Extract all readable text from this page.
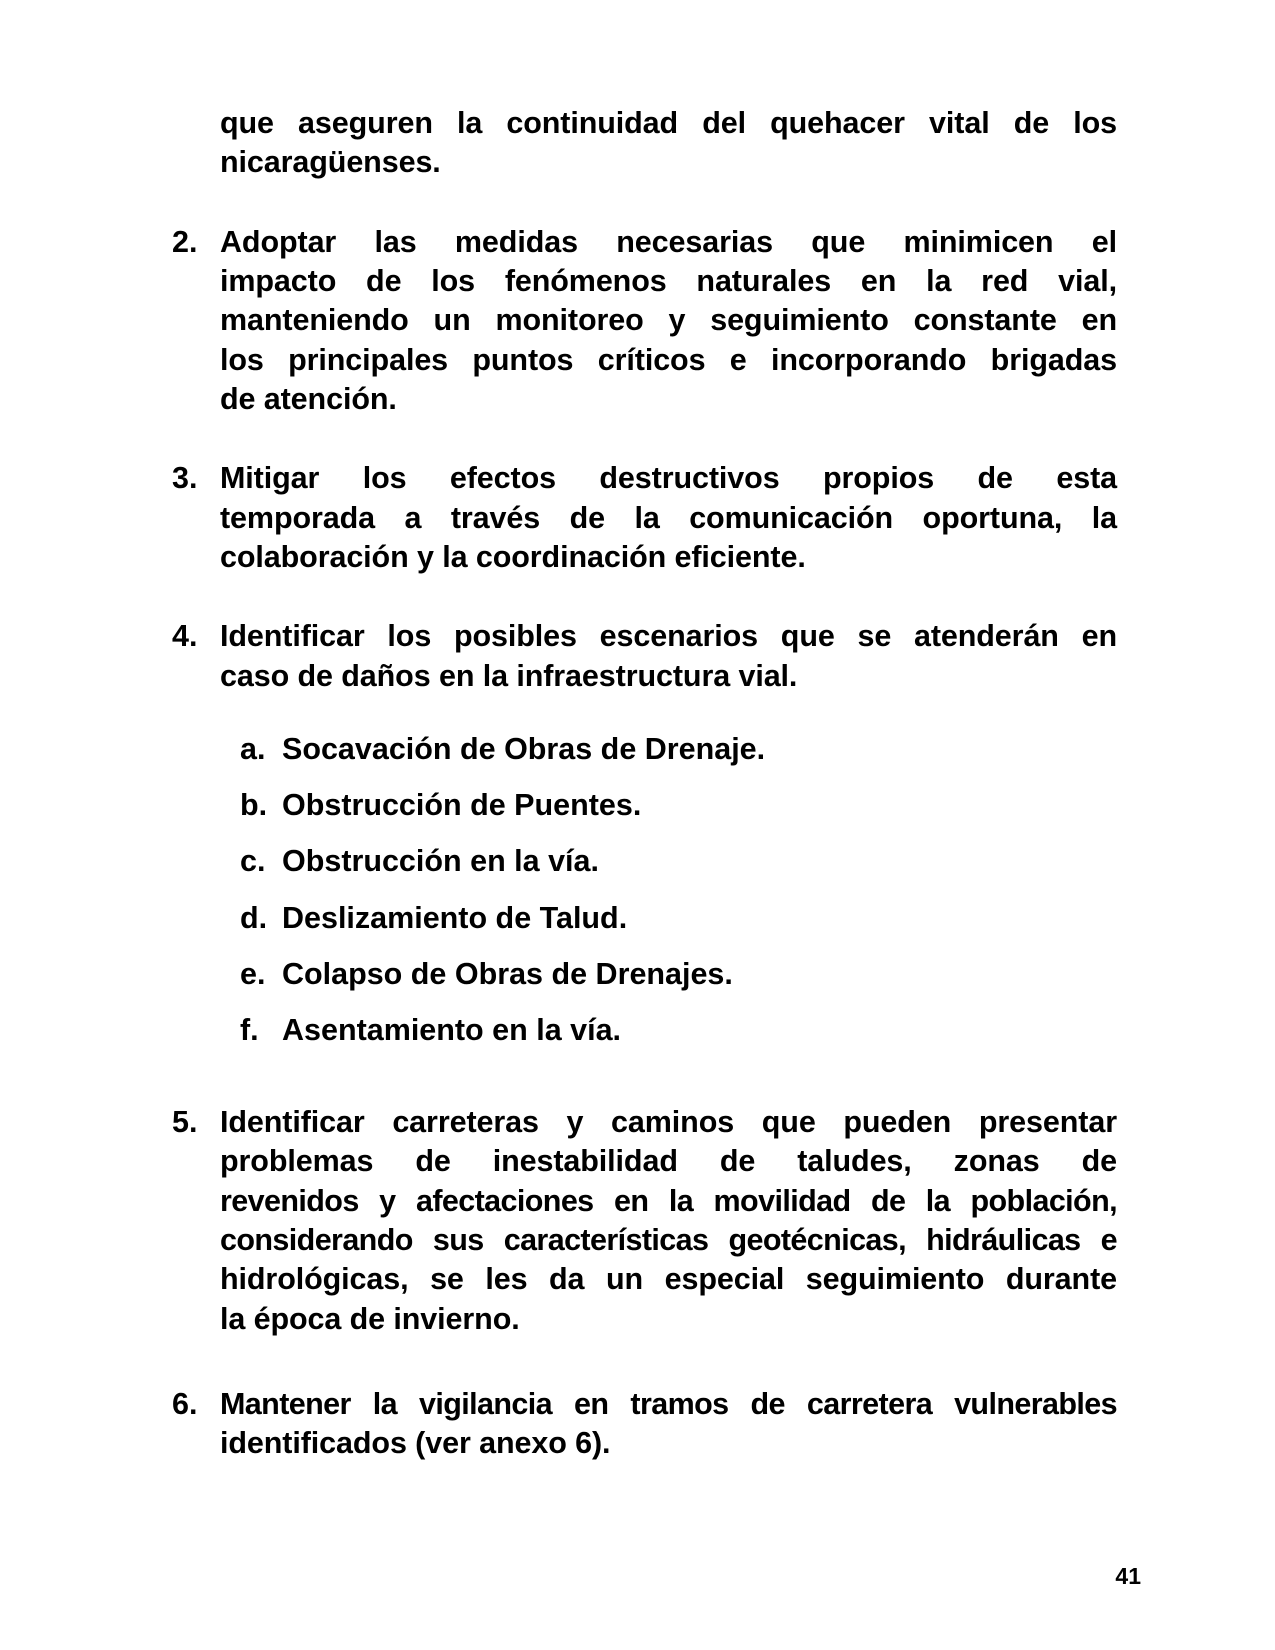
que aseguren la continuidad del quehacer vital de los
nicaragüenses.

2. Adoptar las medidas necesarias que minimicen el
impacto de los fenómenos naturales en la red vial,
manteniendo un monitoreo y seguimiento constante en
los principales puntos críticos e incorporando brigadas
de atención.
3. Mitigar los efectos destructivos propios de esta
temporada a través de la comunicación oportuna, la
colaboración y la coordinación eficiente.
4. Identificar los posibles escenarios que se atenderán en
caso de daños en la infraestructura vial.
a. Socavación de Obras de Drenaje.
b. Obstrucción de Puentes.
c. Obstrucción en la vía.
d. Deslizamiento de Talud.
e. Colapso de Obras de Drenajes.
f. Asentamiento en la vía.
5. Identificar carreteras y caminos que pueden presentar
problemas de inestabilidad de taludes, zonas de
revenidos y afectaciones en la movilidad de la población,
considerando sus características geotécnicas, hidráulicas e
hidrológicas, se les da un especial seguimiento durante
la época de invierno.
6. Mantener la vigilancia en tramos de carretera vulnerables
identificados (ver anexo 6).
41
